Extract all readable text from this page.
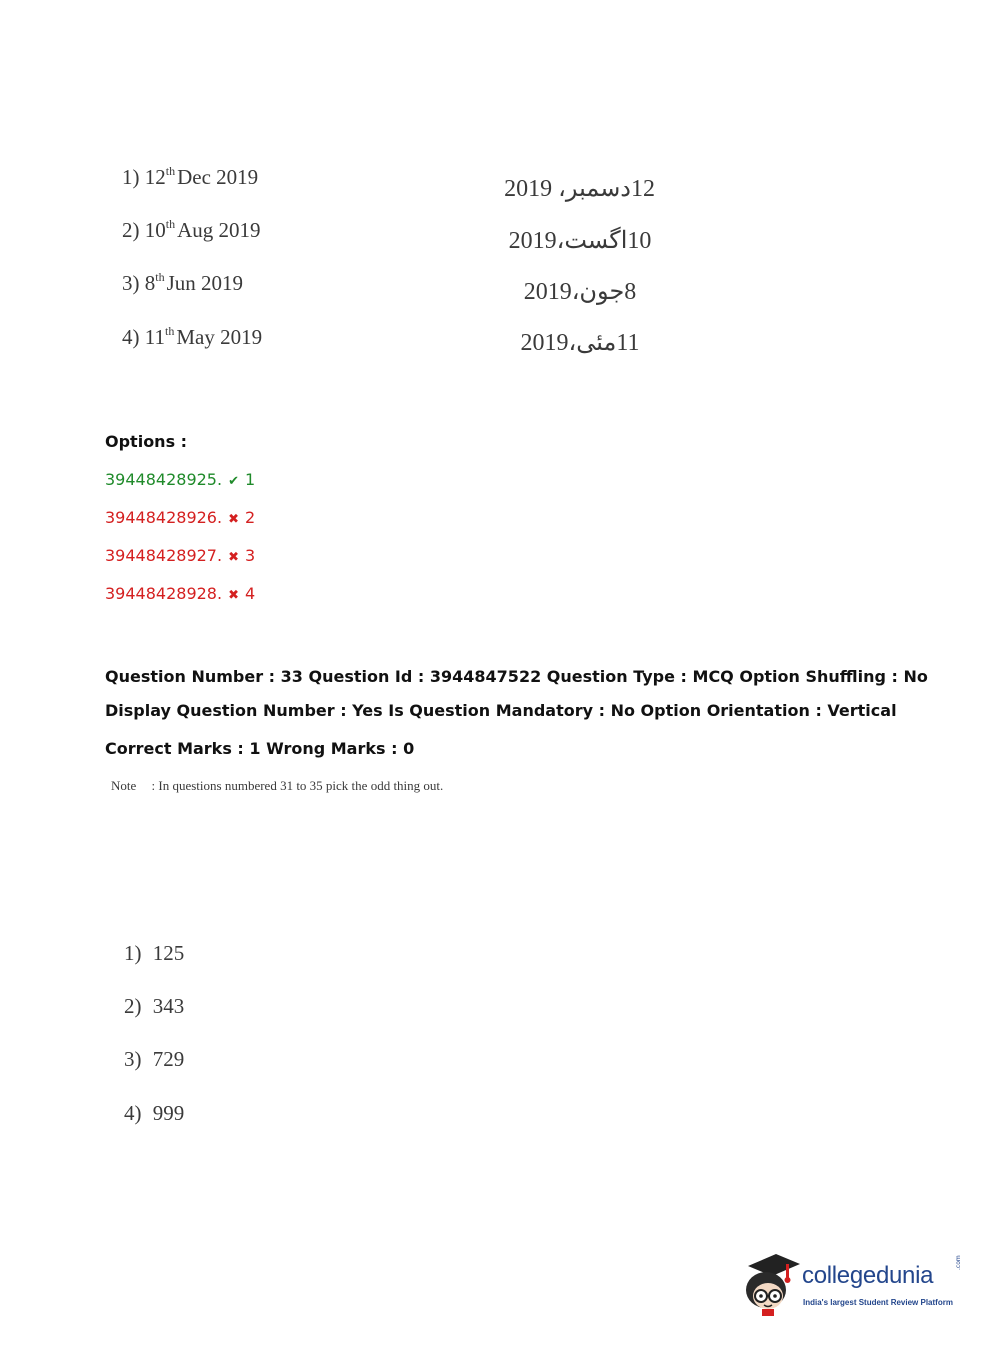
1) 12thDec 2019	12دسمبر، 2019
2) 10thAug 2019	10اگست،2019
3) 8thJun 2019	8جون،2019
4) 11thMay 2019	11مئی،2019
Options :
39448428925. ✔ 1
39448428926. ✖ 2
39448428927. ✖ 3
39448428928. ✖ 4
Question Number : 33 Question Id : 3944847522 Question Type : MCQ Option Shuffling : No
Display Question Number : Yes Is Question Mandatory : No Option Orientation : Vertical
Correct Marks : 1 Wrong Marks : 0
Note : In questions numbered 31 to 35 pick the odd thing out.
1) 125
2) 343
3) 729
4) 999
collegedunia	.com
India's largest Student Review Platform
